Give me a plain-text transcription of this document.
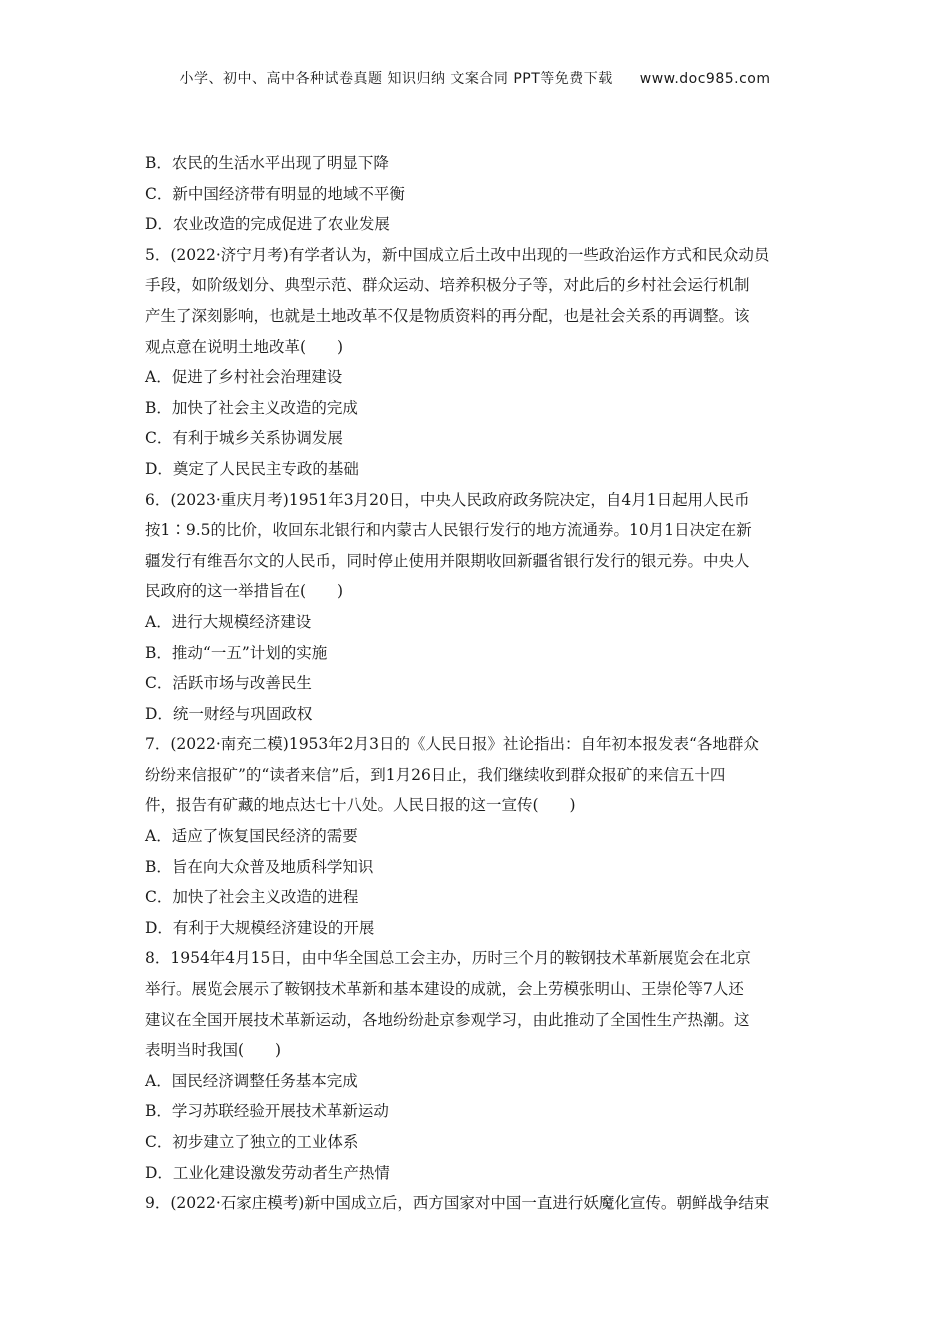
小学、初中、高中各种试卷真题 知识归纳 文案合同 PPT等免费下载 www.doc985.com
B．农民的生活水平出现了明显下降
C．新中国经济带有明显的地域不平衡
D．农业改造的完成促进了农业发展
5．(2022·济宁月考)有学者认为，新中国成立后土改中出现的一些政治运作方式和民众动员
手段，如阶级划分、典型示范、群众运动、培养积极分子等，对此后的乡村社会运行机制
产生了深刻影响，也就是土地改革不仅是物质资料的再分配，也是社会关系的再调整。该
观点意在说明土地改革(　　)
A．促进了乡村社会治理建设
B．加快了社会主义改造的完成
C．有利于城乡关系协调发展
D．奠定了人民民主专政的基础
6．(2023·重庆月考)1951年3月20日，中央人民政府政务院决定，自4月1日起用人民币
按1∶9.5的比价，收回东北银行和内蒙古人民银行发行的地方流通券。10月1日决定在新
疆发行有维吾尔文的人民币，同时停止使用并限期收回新疆省银行发行的银元券。中央人
民政府的这一举措旨在(　　)
A．进行大规模经济建设
B．推动“一五”计划的实施
C．活跃市场与改善民生
D．统一财经与巩固政权
7．(2022·南充二模)1953年2月3日的《人民日报》社论指出：自年初本报发表“各地群众
纷纷来信报矿”的“读者来信”后，到1月26日止，我们继续收到群众报矿的来信五十四
件，报告有矿藏的地点达七十八处。人民日报的这一宣传(　　)
A．适应了恢复国民经济的需要
B．旨在向大众普及地质科学知识
C．加快了社会主义改造的进程
D．有利于大规模经济建设的开展
8．1954年4月15日，由中华全国总工会主办，历时三个月的鞍钢技术革新展览会在北京
举行。展览会展示了鞍钢技术革新和基本建设的成就，会上劳模张明山、王崇伦等7人还
建议在全国开展技术革新运动，各地纷纷赴京参观学习，由此推动了全国性生产热潮。这
表明当时我国(　　)
A．国民经济调整任务基本完成
B．学习苏联经验开展技术革新运动
C．初步建立了独立的工业体系
D．工业化建设激发劳动者生产热情
9．(2022·石家庄模考)新中国成立后，西方国家对中国一直进行妖魔化宣传。朝鲜战争结束
